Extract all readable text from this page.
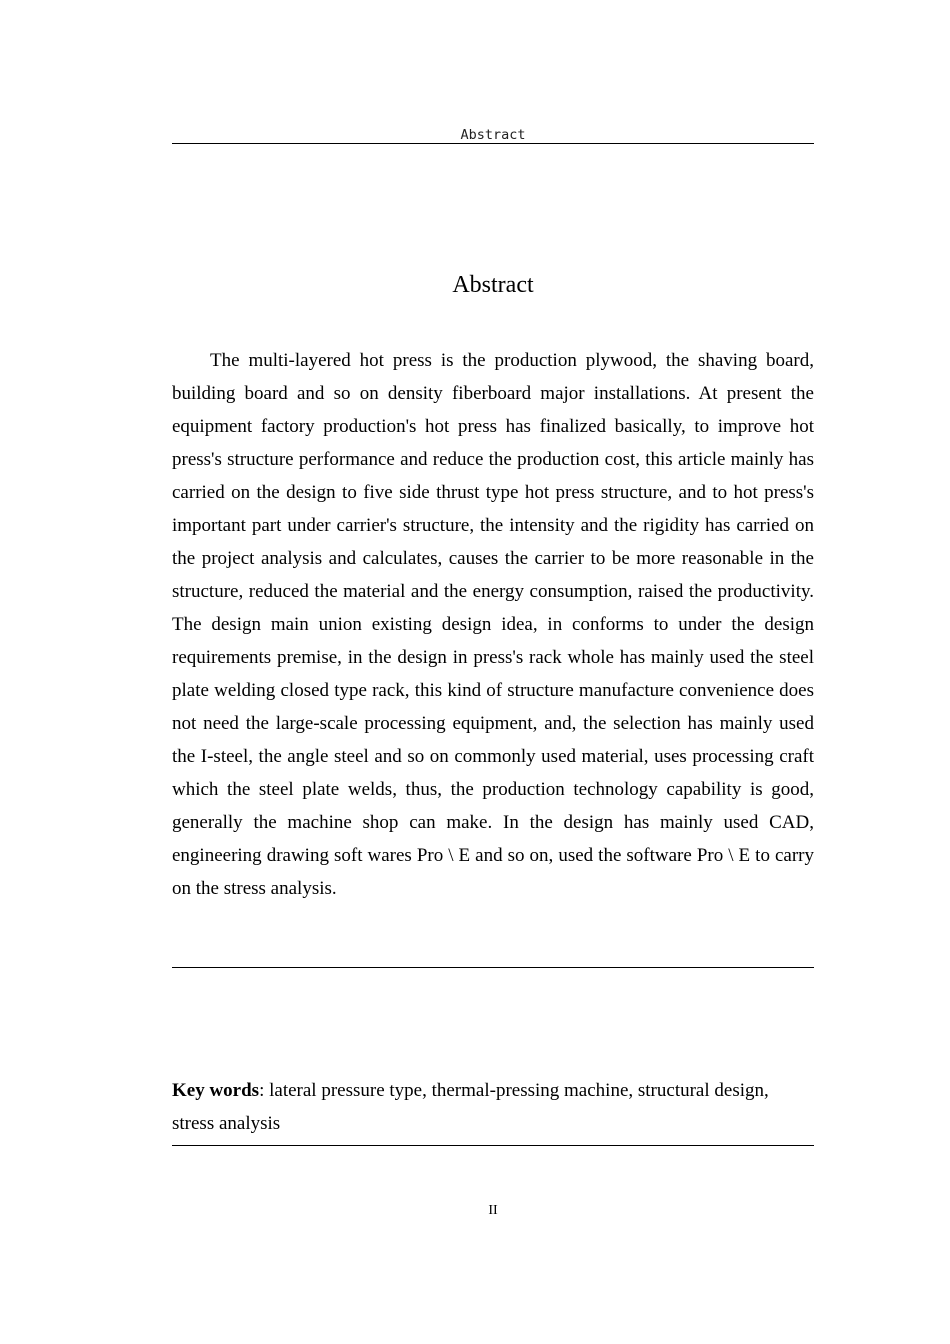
Abstract
Abstract

The multi-layered hot press is the production plywood, the shaving board, building board and so on density fiberboard major installations. At present the equipment factory production's hot press has finalized basically, to improve hot press's structure performance and reduce the production cost, this article mainly has carried on the design to five side thrust type hot press structure, and to hot press's important part under carrier's structure, the intensity and the rigidity has carried on the project analysis and calculates, causes the carrier to be more reasonable in the structure, reduced the material and the energy consumption, raised the productivity. The design main union existing design idea, in conforms to under the design requirements premise, in the design in press's rack whole has mainly used the steel plate welding closed type rack, this kind of structure manufacture convenience does not need the large-scale processing equipment, and, the selection has mainly used the I-steel, the angle steel and so on commonly used material, uses processing craft which the steel plate welds, thus, the production technology capability is good, generally the machine shop can make. In the design has mainly used CAD, engineering drawing soft wares Pro \ E and so on, used the software Pro \ E to carry on the stress analysis.

Key words: lateral pressure type, thermal-pressing machine, structural design, stress analysis

II
